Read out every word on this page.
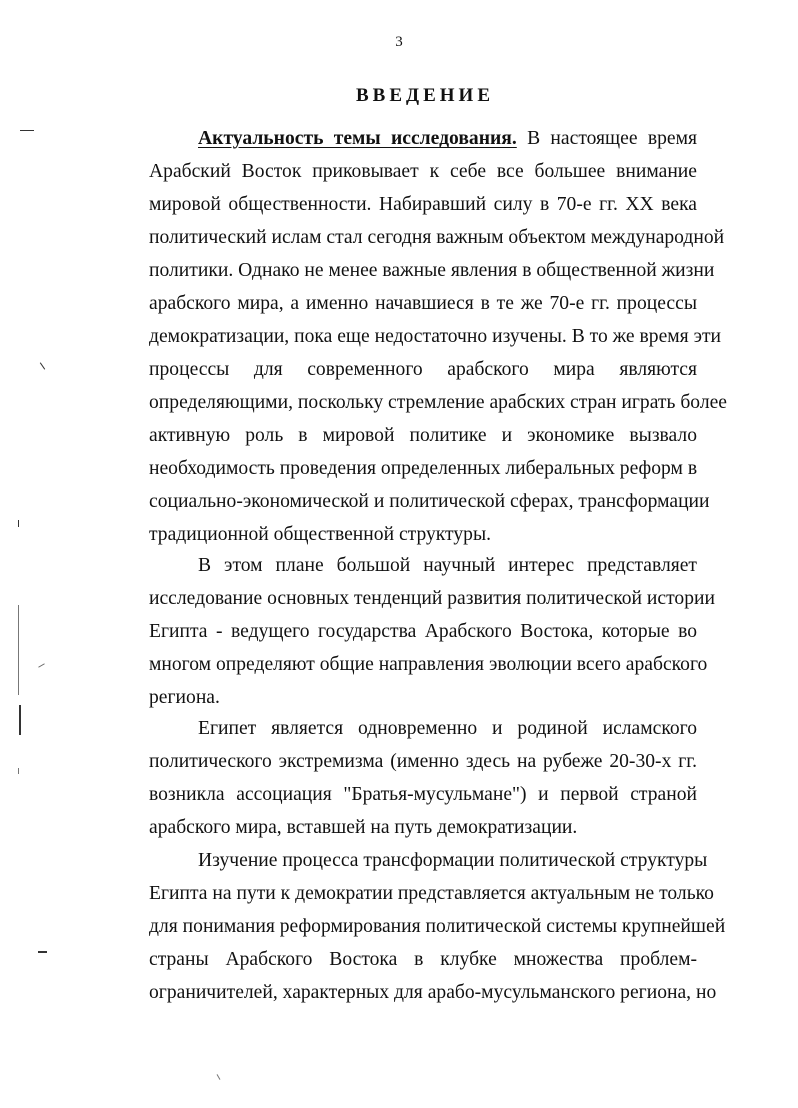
3
ВВЕДЕНИЕ
Актуальность темы исследования. В настоящее время
Арабский Восток приковывает к себе все большее внимание
мировой общественности. Набиравший силу в 70-е гг. XX века
политический ислам стал сегодня важным объектом международной
политики. Однако не менее важные явления в общественной жизни
арабского мира, а именно начавшиеся в те же 70-е гг. процессы
демократизации, пока еще недостаточно изучены. В то же время эти
процессы для современного арабского мира являются
определяющими, поскольку стремление арабских стран играть более
активную роль в мировой политике и экономике вызвало
необходимость проведения определенных либеральных реформ в
социально-экономической и политической сферах, трансформации
традиционной общественной структуры.
В этом плане большой научный интерес представляет
исследование основных тенденций развития политической истории
Египта - ведущего государства Арабского Востока, которые во
многом определяют общие направления эволюции всего арабского
региона.
Египет является одновременно и родиной исламского
политического экстремизма (именно здесь на рубеже 20-30-х гг.
возникла ассоциация "Братья-мусульмане") и первой страной
арабского мира, вставшей на путь демократизации.
Изучение процесса трансформации политической структуры
Египта на пути к демократии представляется актуальным не только
для понимания реформирования политической системы крупнейшей
страны Арабского Востока в клубке множества проблем-
ограничителей, характерных для арабо-мусульманского региона, но
